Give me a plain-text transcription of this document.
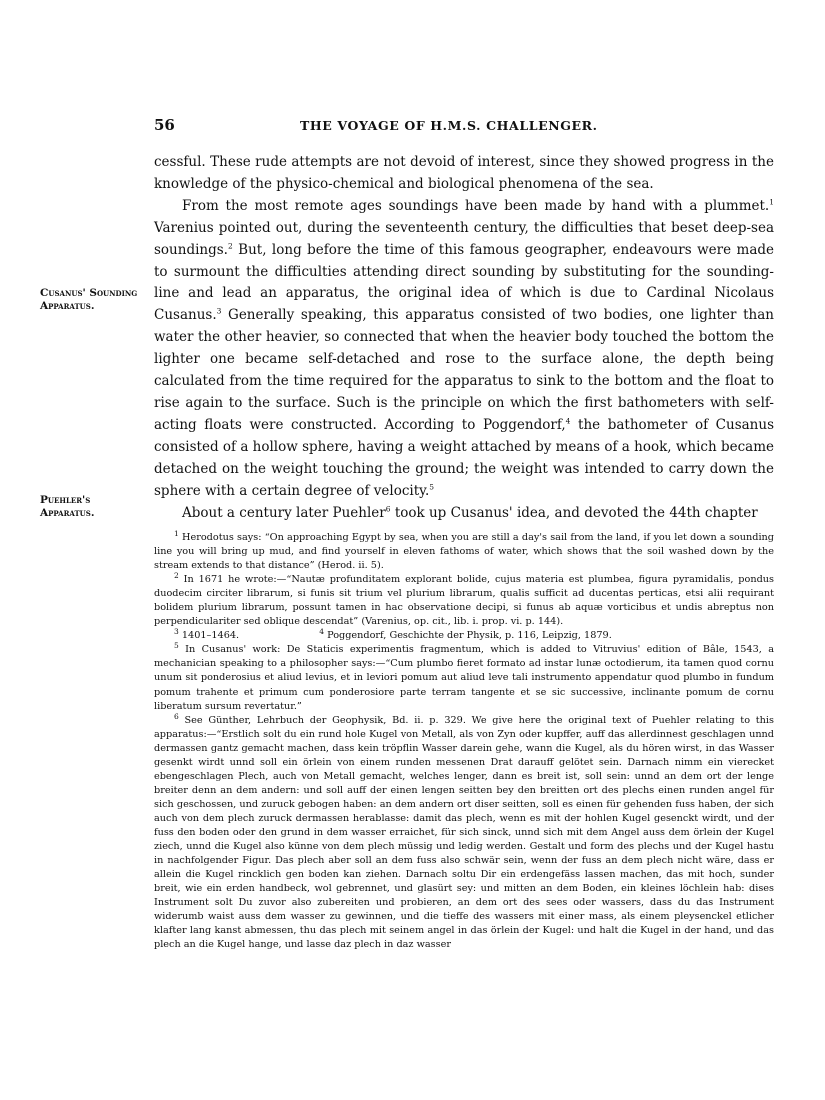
56	THE VOYAGE OF H.M.S. CHALLENGER.
Cusanus' Sounding Apparatus.
Puehler's Apparatus.

cessful. These rude attempts are not devoid of interest, since they showed progress in the knowledge of the physico-chemical and biological phenomena of the sea.

From the most remote ages soundings have been made by hand with a plummet.$^1$ Varenius pointed out, during the seventeenth century, the difficulties that beset deep-sea soundings.$^2$ But, long before the time of this famous geographer, endeavours were made to surmount the difficulties attending direct sounding by substituting for the sounding-line and lead an apparatus, the original idea of which is due to Cardinal Nicolaus Cusanus.$^3$ Generally speaking, this apparatus consisted of two bodies, one lighter than water the other heavier, so connected that when the heavier body touched the bottom the lighter one became self-detached and rose to the surface alone, the depth being calculated from the time required for the apparatus to sink to the bottom and the float to rise again to the surface. Such is the principle on which the first bathometers with self-acting floats were constructed. According to Poggendorf,$^4$ the bathometer of Cusanus consisted of a hollow sphere, having a weight attached by means of a hook, which became detached on the weight touching the ground; the weight was intended to carry down the sphere with a certain degree of velocity.$^5$

About a century later Puehler$^6$ took up Cusanus' idea, and devoted the 44th chapter

$^1$ Herodotus says: “On approaching Egypt by sea, when you are still a day's sail from the land, if you let down a sounding line you will bring up mud, and find yourself in eleven fathoms of water, which shows that the soil washed down by the stream extends to that distance” (Herod. ii. 5).

$^2$ In 1671 he wrote:—“Nautæ profunditatem explorant bolide, cujus materia est plumbea, figura pyramidalis, pondus duodecim circiter librarum, si funis sit trium vel plurium librarum, qualis sufficit ad ducentas perticas, etsi alii requirant bolidem plurium librarum, possunt tamen in hac observatione decipi, si funus ab aquæ vorticibus et undis abreptus non perpendiculariter sed oblique descendat” (Varenius, op. cit., lib. i. prop. vi. p. 144).

$^3$ 1401–1464.	$^4$ Poggendorf, Geschichte der Physik, p. 116, Leipzig, 1879.

$^5$ In Cusanus' work: De Staticis experimentis fragmentum, which is added to Vitruvius' edition of Bâle, 1543, a mechanician speaking to a philosopher says:—“Cum plumbo fieret formato ad instar lunæ octodierum, ita tamen quod cornu unum sit ponderosius et aliud levius, et in leviori pomum aut aliud leve tali instrumento appendatur quod plumbo in fundum pomum trahente et primum cum ponderosiore parte terram tangente et se sic successive, inclinante pomum de cornu liberatum sursum revertatur.”

$^6$ See Günther, Lehrbuch der Geophysik, Bd. ii. p. 329. We give here the original text of Puehler relating to this apparatus:—“Erstlich solt du ein rund hole Kugel von Metall, als von Zyn oder kupffer, auff das allerdinnest geschlagen unnd dermassen gantz gemacht machen, dass kein tröpflin Wasser darein gehe, wann die Kugel, als du hören wirst, in das Wasser gesenkt wirdt unnd soll ein örlein von einem runden messenen Drat darauff gelötet sein. Darnach nimm ein vierecket ebengeschlagen Plech, auch von Metall gemacht, welches lenger, dann es breit ist, soll sein: unnd an dem ort der lenge breiter denn an dem andern: und soll auff der einen lengen seitten bey den breitten ort des plechs einen runden angel für sich geschossen, und zuruck gebogen haben: an dem andern ort diser seitten, soll es einen für gehenden fuss haben, der sich auch von dem plech zuruck dermassen herablasse: damit das plech, wenn es mit der hohlen Kugel gesenckt wirdt, und der fuss den boden oder den grund in dem wasser erraichet, für sich sinck, unnd sich mit dem Angel auss dem örlein der Kugel ziech, unnd die Kugel also künne von dem plech müssig und ledig werden. Gestalt und form des plechs und der Kugel hastu in nachfolgender Figur. Das plech aber soll an dem fuss also schwär sein, wenn der fuss an dem plech nicht wäre, dass er allein die Kugel rincklich gen boden kan ziehen. Darnach soltu Dir ein erdengefäss lassen machen, das mit hoch, sunder breit, wie ein erden handbeck, wol gebrennet, und glasürt sey: und mitten an dem Boden, ein kleines löchlein hab: dises Instrument solt Du zuvor also zubereiten und probieren, an dem ort des sees oder wassers, dass du das Instrument widerumb waist auss dem wasser zu gewinnen, und die tieffe des wassers mit einer mass, als einem pleysenckel etlicher klafter lang kanst abmessen, thu das plech mit seinem angel in das örlein der Kugel: und halt die Kugel in der hand, und das plech an die Kugel hange, und lasse daz plech in daz wasser
